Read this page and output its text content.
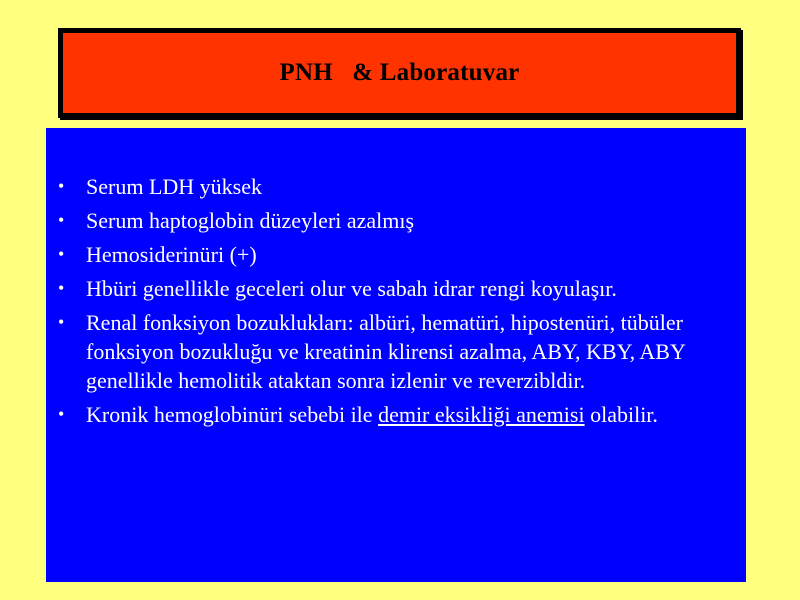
PNH   & Laboratuvar
• Serum LDH yüksek
• Serum haptoglobin düzeyleri azalmış
• Hemosiderinüri (+)
• Hbüri genellikle geceleri olur ve sabah idrar rengi koyulaşır.
• Renal fonksiyon bozuklukları: albüri, hematüri, hipostenüri, tübüler fonksiyon bozukluğu ve kreatinin klirensi azalma, ABY, KBY, ABY genellikle hemolitik ataktan sonra izlenir ve reverzibldir.
• Kronik hemoglobinüri sebebi ile demir eksikliği anemisi olabilir.
